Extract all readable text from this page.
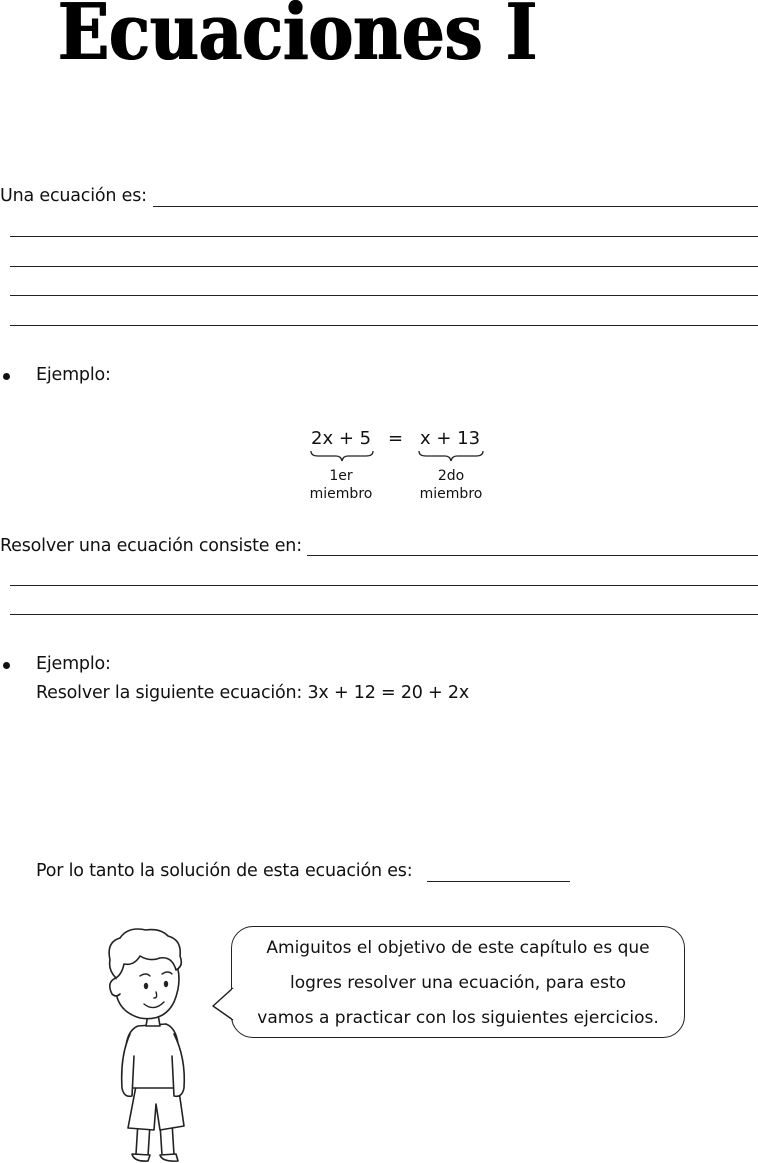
Ecuaciones I
Una ecuación es:
Ejemplo:
2x + 5 = x + 13
1er
miembro
2do
miembro
Resolver una ecuación consiste en:
Ejemplo:
Resolver la siguiente ecuación: 3x + 12 = 20 + 2x
Por lo tanto la solución de esta ecuación es:
Amiguitos el objetivo de este capítulo es que
logres resolver una ecuación, para esto
vamos a practicar con los siguientes ejercicios.
